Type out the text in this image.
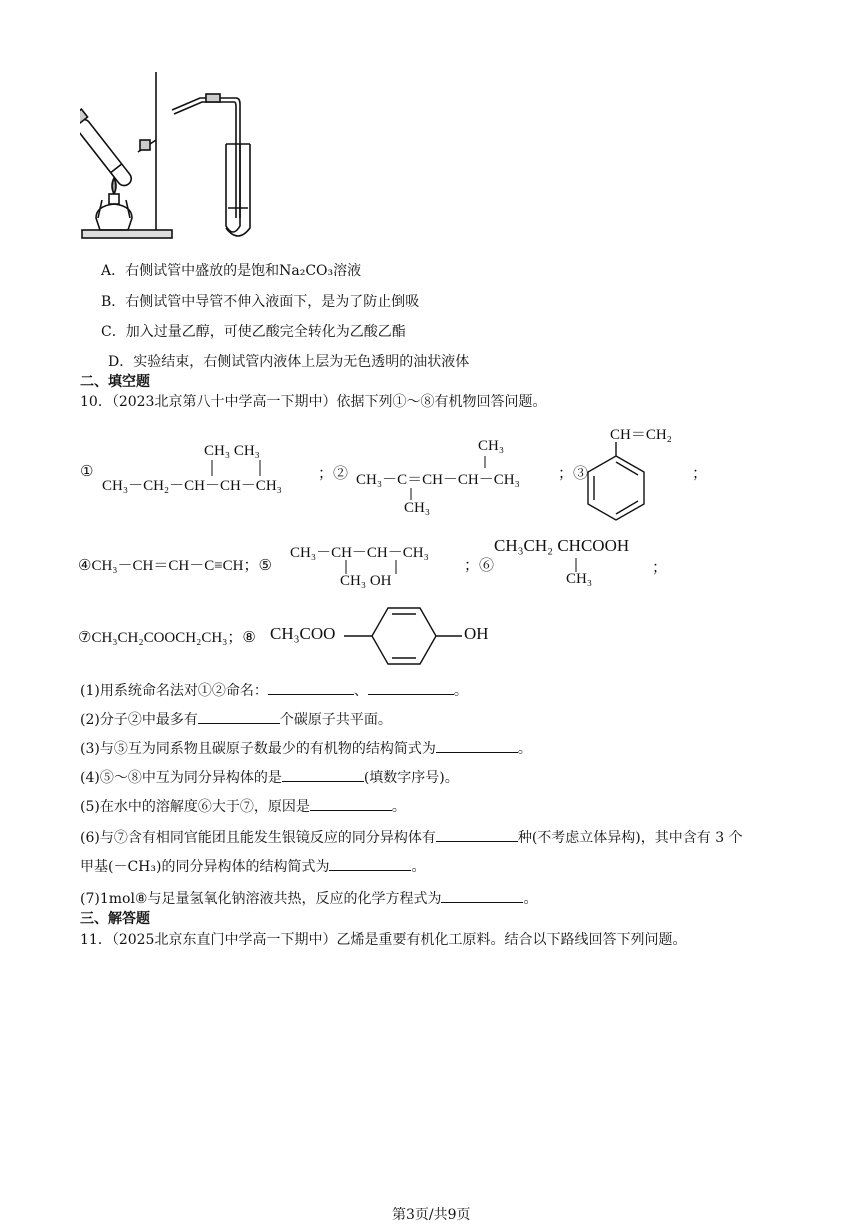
A．右侧试管中盛放的是饱和Na₂CO₃溶液
B．右侧试管中导管不伸入液面下，是为了防止倒吸
C．加入过量乙醇，可使乙酸完全转化为乙酸乙酯
D．实验结束，右侧试管内液体上层为无色透明的油状液体
二、填空题
10．（2023北京第八十中学高一下期中）依据下列①～⑧有机物回答问题。
①
CH₃ CH₃
CH₃－CH₂－CH－CH－CH₃
；②
CH₃
CH₃－C＝CH－CH－CH₃
CH₃
；③
CH＝CH₂
；
④CH₃－CH＝CH－C≡CH；⑤
CH₃－CH－CH－CH₃
CH₃ OH
；⑥
CH₃CH₂ CHCOOH
CH₃
；
⑦CH₃CH₂COOCH₂CH₃；⑧ CH₃COO	OH
(1)用系统命名法对①②命名：	、	。
(2)分子②中最多有	个碳原子共平面。
(3)与⑤互为同系物且碳原子数最少的有机物的结构简式为	。
(4)⑤～⑧中互为同分异构体的是	(填数字序号)。
(5)在水中的溶解度⑥大于⑦，原因是	。
(6)与⑦含有相同官能团且能发生银镜反应的同分异构体有	种(不考虑立体异构)，其中含有 3 个
甲基(－CH₃)的同分异构体的结构简式为	。
(7)1mol⑧与足量氢氧化钠溶液共热，反应的化学方程式为	。
三、解答题
11．（2025北京东直门中学高一下期中）乙烯是重要有机化工原料。结合以下路线回答下列问题。
第3页/共9页
